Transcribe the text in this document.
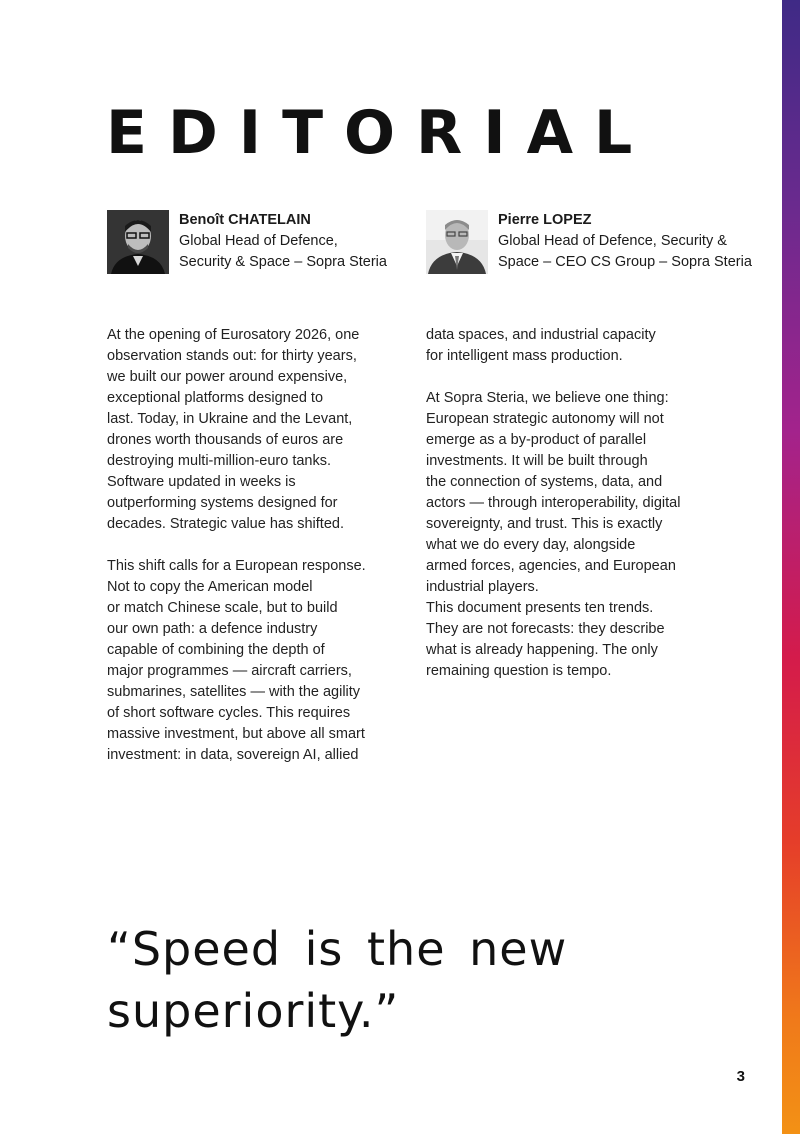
EDITORIAL
Benoît CHATELAIN
Global Head of Defence,
Security & Space – Sopra Steria
Pierre LOPEZ
Global Head of Defence, Security &
Space – CEO CS Group – Sopra Steria

At the opening of Eurosatory 2026, one
observation stands out: for thirty years,
we built our power around expensive,
exceptional platforms designed to
last. Today, in Ukraine and the Levant,
drones worth thousands of euros are
destroying multi-million-euro tanks.
Software updated in weeks is
outperforming systems designed for
decades. Strategic value has shifted.

This shift calls for a European response.
Not to copy the American model
or match Chinese scale, but to build
our own path: a defence industry
capable of combining the depth of
major programmes — aircraft carriers,
submarines, satellites — with the agility
of short software cycles. This requires
massive investment, but above all smart
investment: in data, sovereign AI, allied

data spaces, and industrial capacity
for intelligent mass production.

At Sopra Steria, we believe one thing:
European strategic autonomy will not
emerge as a by-product of parallel
investments. It will be built through
the connection of systems, data, and
actors — through interoperability, digital
sovereignty, and trust. This is exactly
what we do every day, alongside
armed forces, agencies, and European
industrial players.

This document presents ten trends.
They are not forecasts: they describe
what is already happening. The only
remaining question is tempo.

“Speed is the new
superiority.”

3
